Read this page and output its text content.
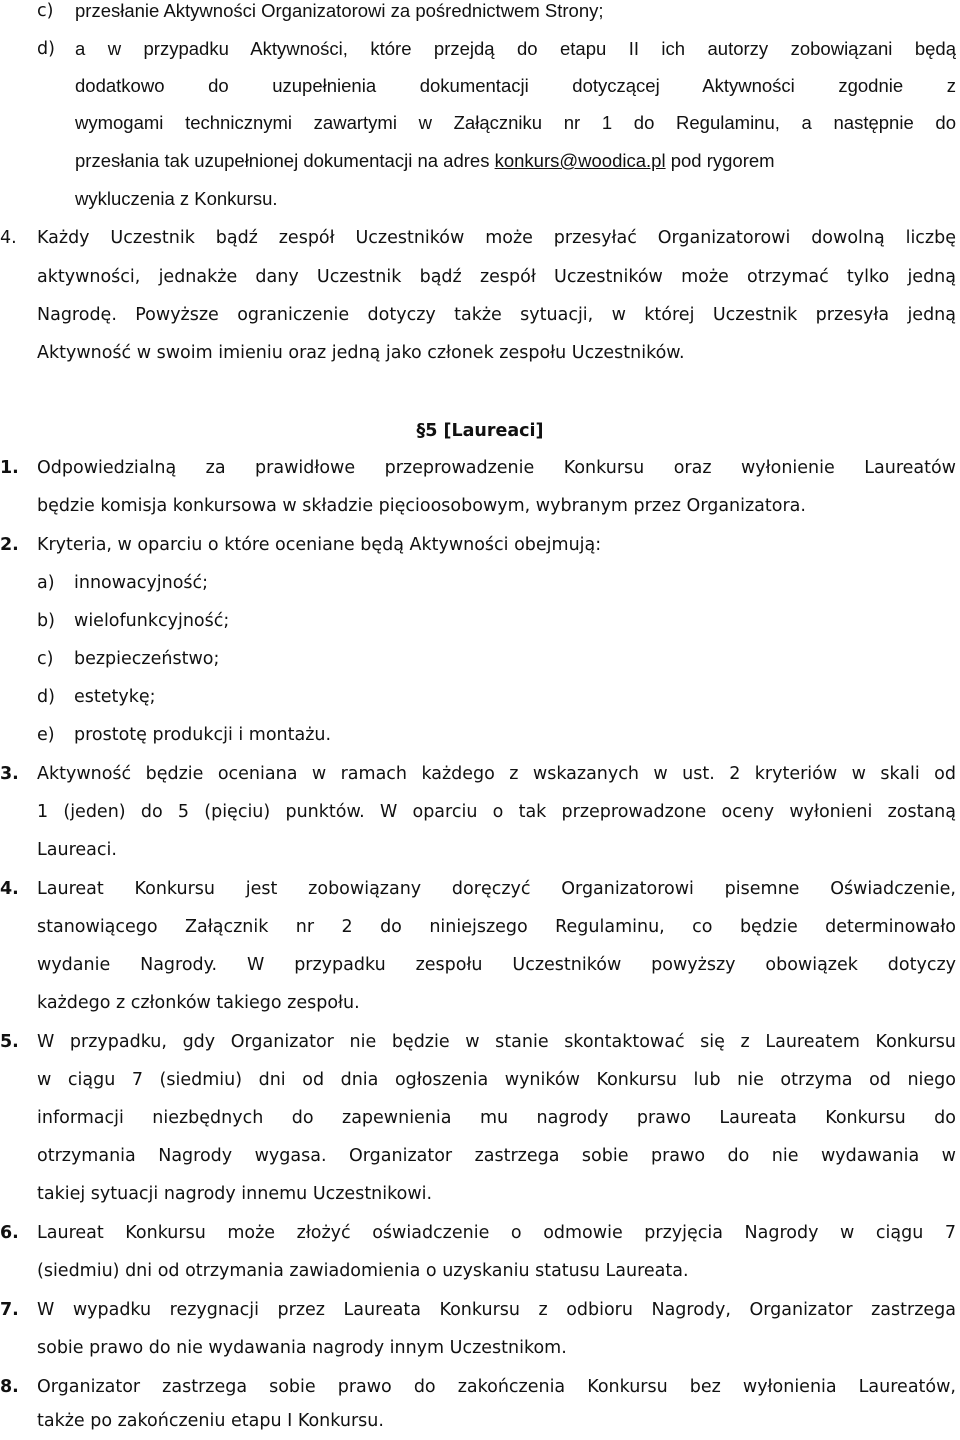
c) przesłanie Aktywności Organizatorowi za pośrednictwem Strony;
d) a w przypadku Aktywności, które przejdą do etapu II ich autorzy zobowiązani będą
dodatkowo do uzupełnienia dokumentacji dotyczącej Aktywności zgodnie z
wymogami technicznymi zawartymi w Załączniku nr 1 do Regulaminu, a następnie do
przesłania tak uzupełnionej dokumentacji na adres konkurs@woodica.pl pod rygorem
wykluczenia z Konkursu.
4. Każdy Uczestnik bądź zespół Uczestników może przesyłać Organizatorowi dowolną liczbę
aktywności, jednakże dany Uczestnik bądź zespół Uczestników może otrzymać tylko jedną
Nagrodę. Powyższe ograniczenie dotyczy także sytuacji, w której Uczestnik przesyła jedną
Aktywność w swoim imieniu oraz jedną jako członek zespołu Uczestników.
§5 [Laureaci]
1. Odpowiedzialną za prawidłowe przeprowadzenie Konkursu oraz wyłonienie Laureatów
będzie komisja konkursowa w składzie pięcioosobowym, wybranym przez Organizatora.
2. Kryteria, w oparciu o które oceniane będą Aktywności obejmują:
a) innowacyjność;
b) wielofunkcyjność;
c) bezpieczeństwo;
d) estetykę;
e) prostotę produkcji i montażu.
3. Aktywność będzie oceniana w ramach każdego z wskazanych w ust. 2 kryteriów w skali od
1 (jeden) do 5 (pięciu) punktów. W oparciu o tak przeprowadzone oceny wyłonieni zostaną
Laureaci.
4. Laureat Konkursu jest zobowiązany doręczyć Organizatorowi pisemne Oświadczenie,
stanowiącego Załącznik nr 2 do niniejszego Regulaminu, co będzie determinowało
wydanie Nagrody. W przypadku zespołu Uczestników powyższy obowiązek dotyczy
każdego z członków takiego zespołu.
5. W przypadku, gdy Organizator nie będzie w stanie skontaktować się z Laureatem Konkursu
w ciągu 7 (siedmiu) dni od dnia ogłoszenia wyników Konkursu lub nie otrzyma od niego
informacji niezbędnych do zapewnienia mu nagrody prawo Laureata Konkursu do
otrzymania Nagrody wygasa. Organizator zastrzega sobie prawo do nie wydawania w
takiej sytuacji nagrody innemu Uczestnikowi.
6. Laureat Konkursu może złożyć oświadczenie o odmowie przyjęcia Nagrody w ciągu 7
(siedmiu) dni od otrzymania zawiadomienia o uzyskaniu statusu Laureata.
7. W wypadku rezygnacji przez Laureata Konkursu z odbioru Nagrody, Organizator zastrzega
sobie prawo do nie wydawania nagrody innym Uczestnikom.
8. Organizator zastrzega sobie prawo do zakończenia Konkursu bez wyłonienia Laureatów,
także po zakończeniu etapu I Konkursu.
